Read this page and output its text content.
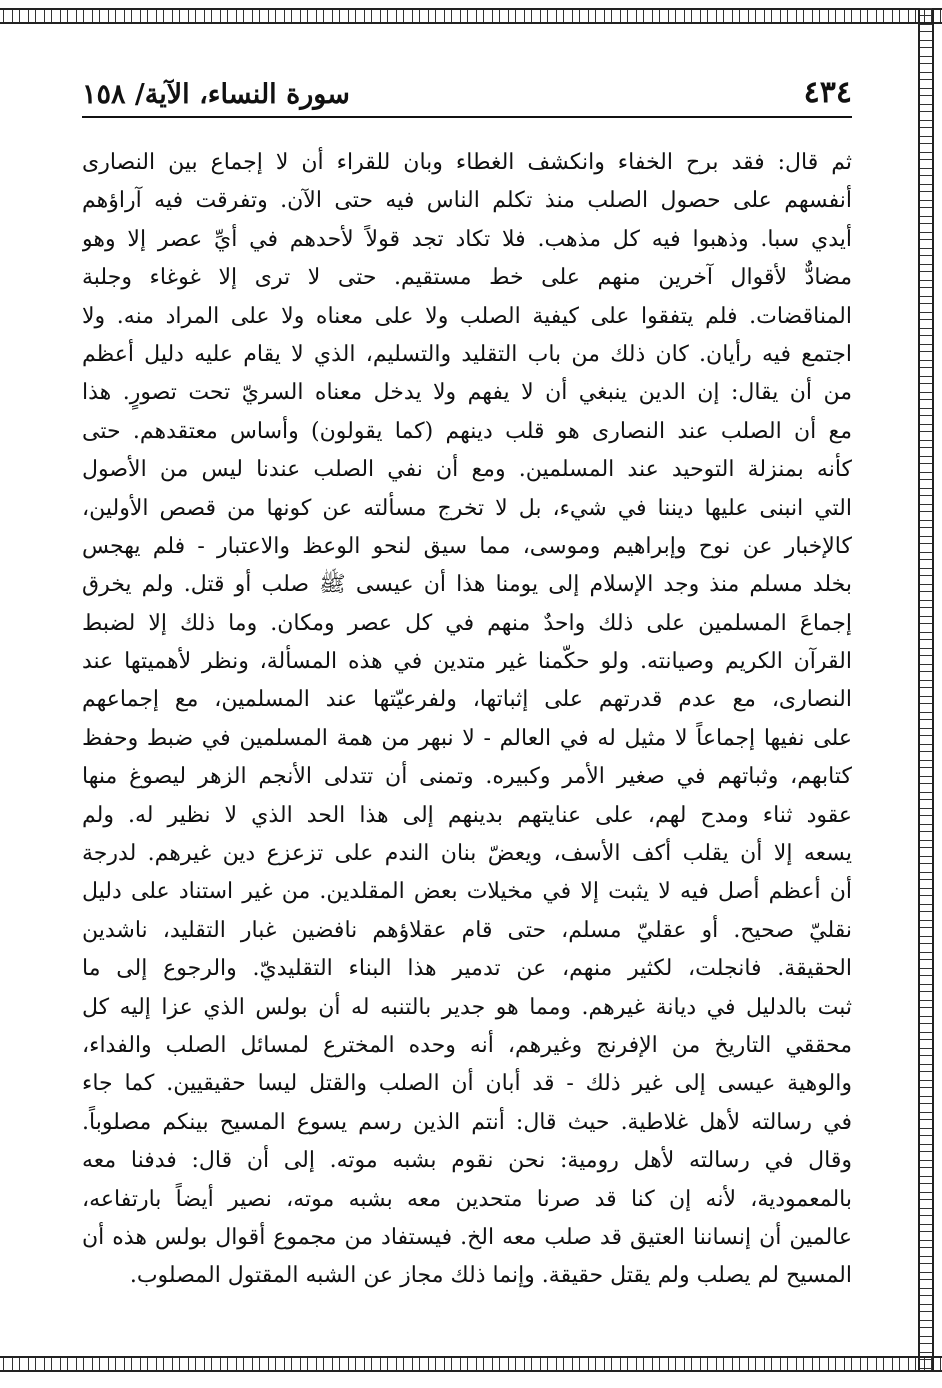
٤٣٤
سورة النساء، الآية/ ١٥٨
ثم قال: فقد برح الخفاء وانكشف الغطاء وبان للقراء أن لا إجماع بين النصارى
أنفسهم على حصول الصلب منذ تكلم الناس فيه حتى الآن. وتفرقت فيه آراؤهم
أيدي سبا. وذهبوا فيه كل مذهب. فلا تكاد تجد قولاً لأحدهم في أيِّ عصر إلا وهو
مضادٌّ لأقوال آخرين منهم على خط مستقيم. حتى لا ترى إلا غوغاء وجلبة
المناقضات. فلم يتفقوا على كيفية الصلب ولا على معناه ولا على المراد منه. ولا
اجتمع فيه رأيان. كان ذلك من باب التقليد والتسليم، الذي لا يقام عليه دليل أعظم
من أن يقال: إن الدين ينبغي أن لا يفهم ولا يدخل معناه السريّ تحت تصورٍ. هذا
مع أن الصلب عند النصارى هو قلب دينهم (كما يقولون) وأساس معتقدهم. حتى
كأنه بمنزلة التوحيد عند المسلمين. ومع أن نفي الصلب عندنا ليس من الأصول
التي انبنى عليها ديننا في شيء، بل لا تخرج مسألته عن كونها من قصص الأولين،
كالإخبار عن نوح وإبراهيم وموسى، مما سيق لنحو الوعظ والاعتبار - فلم يهجس
بخلد مسلم منذ وجد الإسلام إلى يومنا هذا أن عيسى ﷺ صلب أو قتل. ولم يخرق
إجماعَ المسلمين على ذلك واحدٌ منهم في كل عصر ومكان. وما ذلك إلا لضبط
القرآن الكريم وصيانته. ولو حكّمنا غير متدين في هذه المسألة، ونظر لأهميتها عند
النصارى، مع عدم قدرتهم على إثباتها، ولفرعيّتها عند المسلمين، مع إجماعهم
على نفيها إجماعاً لا مثيل له في العالم - لا نبهر من همة المسلمين في ضبط وحفظ
كتابهم، وثباتهم في صغير الأمر وكبيره. وتمنى أن تتدلى الأنجم الزهر ليصوغ منها
عقود ثناء ومدح لهم، على عنايتهم بدينهم إلى هذا الحد الذي لا نظير له. ولم
يسعه إلا أن يقلب أكف الأسف، ويعضّ بنان الندم على تزعزع دين غيرهم. لدرجة
أن أعظم أصل فيه لا يثبت إلا في مخيلات بعض المقلدين. من غير استناد على دليل
نقليّ صحيح. أو عقليّ مسلم، حتى قام عقلاؤهم نافضين غبار التقليد، ناشدين
الحقيقة. فانجلت، لكثير منهم، عن تدمير هذا البناء التقليديّ. والرجوع إلى ما
ثبت بالدليل في ديانة غيرهم. ومما هو جدير بالتنبه له أن بولس الذي عزا إليه كل
محققي التاريخ من الإفرنج وغيرهم، أنه وحده المخترع لمسائل الصلب والفداء،
والوهية عيسى إلى غير ذلك - قد أبان أن الصلب والقتل ليسا حقيقيين. كما جاء
في رسالته لأهل غلاطية. حيث قال: أنتم الذين رسم يسوع المسيح بينكم مصلوباً.
وقال في رسالته لأهل رومية: نحن نقوم بشبه موته. إلى أن قال: فدفنا معه
بالمعمودية، لأنه إن كنا قد صرنا متحدين معه بشبه موته، نصير أيضاً بارتفاعه،
عالمين أن إنساننا العتيق قد صلب معه الخ. فيستفاد من مجموع أقوال بولس هذه أن
المسيح لم يصلب ولم يقتل حقيقة. وإنما ذلك مجاز عن الشبه المقتول المصلوب.
